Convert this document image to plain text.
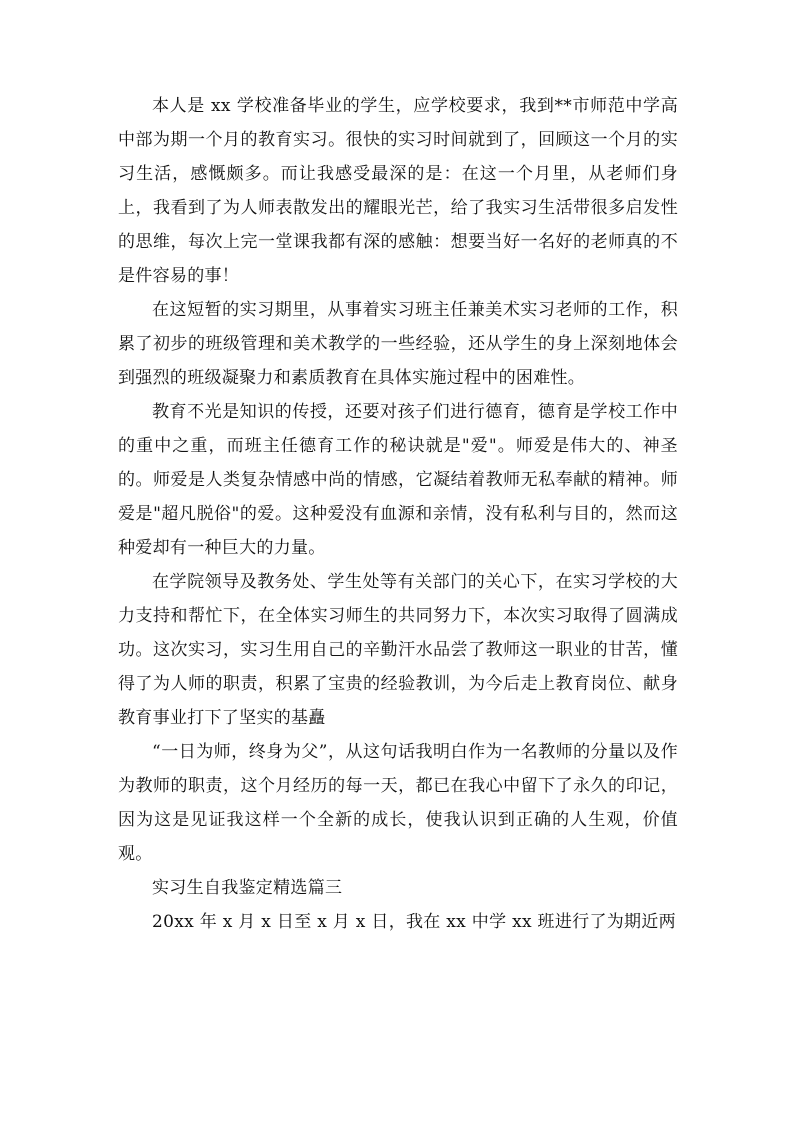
本人是 xx 学校准备毕业的学生，应学校要求，我到**市师范中学高中部为期一个月的教育实习。很快的实习时间就到了，回顾这一个月的实习生活，感慨颇多。而让我感受最深的是：在这一个月里，从老师们身上，我看到了为人师表散发出的耀眼光芒，给了我实习生活带很多启发性的思维，每次上完一堂课我都有深的感触：想要当好一名好的老师真的不是件容易的事！

在这短暂的实习期里，从事着实习班主任兼美术实习老师的工作，积累了初步的班级管理和美术教学的一些经验，还从学生的身上深刻地体会到强烈的班级凝聚力和素质教育在具体实施过程中的困难性。

教育不光是知识的传授，还要对孩子们进行德育，德育是学校工作中的重中之重，而班主任德育工作的秘诀就是"爱"。师爱是伟大的、神圣的。师爱是人类复杂情感中尚的情感，它凝结着教师无私奉献的精神。师爱是"超凡脱俗"的爱。这种爱没有血源和亲情，没有私利与目的，然而这种爱却有一种巨大的力量。

在学院领导及教务处、学生处等有关部门的关心下，在实习学校的大力支持和帮忙下，在全体实习师生的共同努力下，本次实习取得了圆满成功。这次实习，实习生用自己的辛勤汗水品尝了教师这一职业的甘苦，懂得了为人师的职责，积累了宝贵的经验教训，为今后走上教育岗位、献身教育事业打下了坚实的基矗

“一日为师，终身为父”，从这句话我明白作为一名教师的分量以及作为教师的职责，这个月经历的每一天，都已在我心中留下了永久的印记，因为这是见证我这样一个全新的成长，使我认识到正确的人生观，价值观。

实习生自我鉴定精选篇三

20xx 年 x 月 x 日至 x 月 x 日，我在 xx 中学 xx 班进行了为期近两
